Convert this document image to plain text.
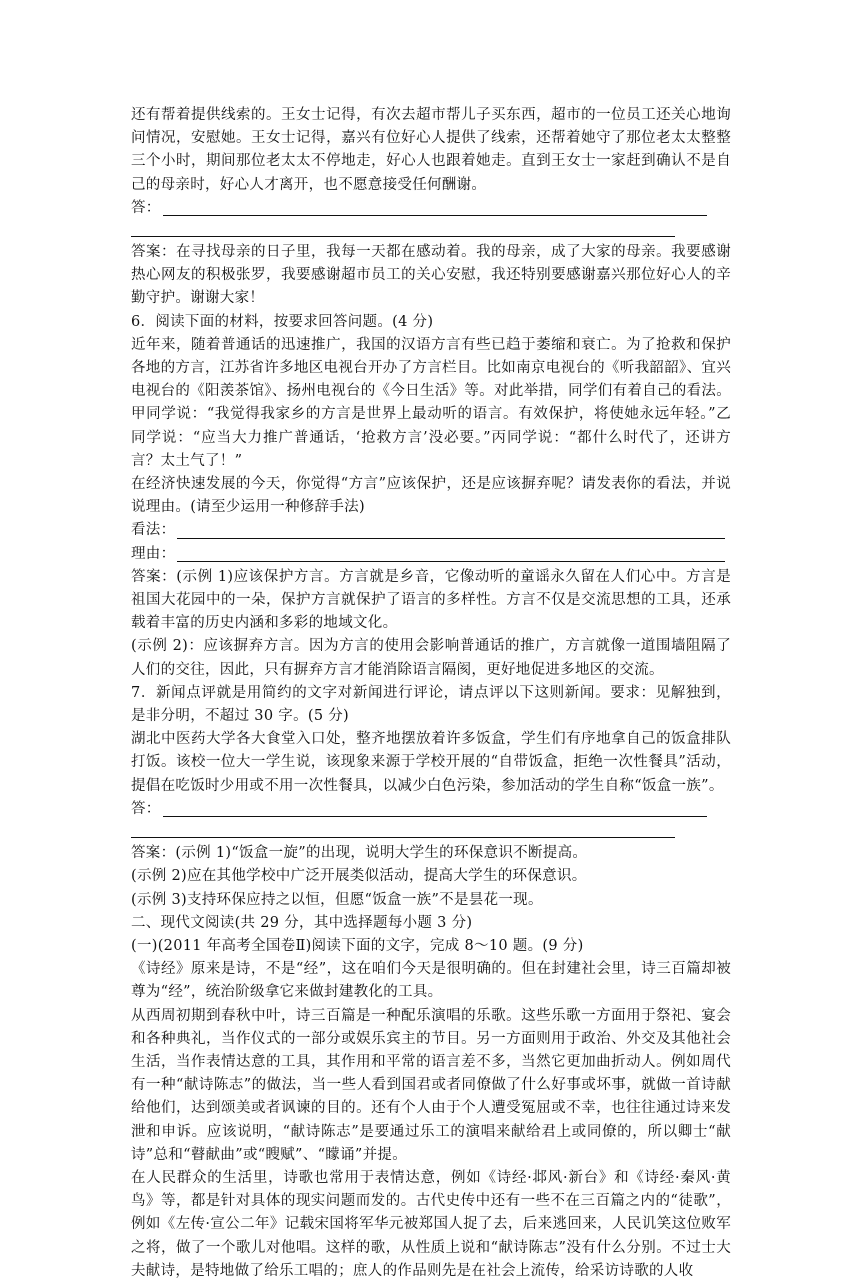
还有帮着提供线索的。王女士记得，有次去超市帮儿子买东西，超市的一位员工还关心地询问情况，安慰她。王女士记得，嘉兴有位好心人提供了线索，还帮着她守了那位老太太整整三个小时，期间那位老太太不停地走，好心人也跟着她走。直到王女士一家赶到确认不是自己的母亲时，好心人才离开，也不愿意接受任何酬谢。

答：

答案：在寻找母亲的日子里，我每一天都在感动着。我的母亲，成了大家的母亲。我要感谢热心网友的积极张罗，我要感谢超市员工的关心安慰，我还特别要感谢嘉兴那位好心人的辛勤守护。谢谢大家！

6．阅读下面的材料，按要求回答问题。(4 分)

近年来，随着普通话的迅速推广，我国的汉语方言有些已趋于萎缩和衰亡。为了抢救和保护各地的方言，江苏省许多地区电视台开办了方言栏目。比如南京电视台的《听我韶韶》、宜兴电视台的《阳羡茶馆》、扬州电视台的《今日生活》等。对此举措，同学们有着自己的看法。甲同学说：“我觉得我家乡的方言是世界上最动听的语言。有效保护，将使她永远年轻。”乙同学说：“应当大力推广普通话，‘抢救方言’没必要。”丙同学说：“都什么时代了，还讲方言？太土气了！”

在经济快速发展的今天，你觉得“方言”应该保护，还是应该摒弃呢？请发表你的看法，并说说理由。(请至少运用一种修辞手法)

看法：
理由：

答案：(示例 1)应该保护方言。方言就是乡音，它像动听的童谣永久留在人们心中。方言是祖国大花园中的一朵，保护方言就保护了语言的多样性。方言不仅是交流思想的工具，还承载着丰富的历史内涵和多彩的地域文化。

(示例 2)：应该摒弃方言。因为方言的使用会影响普通话的推广，方言就像一道围墙阻隔了人们的交往，因此，只有摒弃方言才能消除语言隔阂，更好地促进多地区的交流。

7．新闻点评就是用简约的文字对新闻进行评论，请点评以下这则新闻。要求：见解独到，是非分明，不超过 30 字。(5 分)

湖北中医药大学各大食堂入口处，整齐地摆放着许多饭盒，学生们有序地拿自己的饭盒排队打饭。该校一位大一学生说，该现象来源于学校开展的“自带饭盒，拒绝一次性餐具”活动，提倡在吃饭时少用或不用一次性餐具，以减少白色污染，参加活动的学生自称“饭盒一族”。

答：

答案：(示例 1)“饭盒一旋”的出现，说明大学生的环保意识不断提高。

(示例 2)应在其他学校中广泛开展类似活动，提高大学生的环保意识。

(示例 3)支持环保应持之以恒，但愿“饭盒一族”不是昙花一现。

二、现代文阅读(共 29 分，其中选择题每小题 3 分)

(一)(2011 年高考全国卷Ⅱ)阅读下面的文字，完成 8～10 题。(9 分)

《诗经》原来是诗，不是“经”，这在咱们今天是很明确的。但在封建社会里，诗三百篇却被尊为“经”，统治阶级拿它来做封建教化的工具。

从西周初期到春秋中叶，诗三百篇是一种配乐演唱的乐歌。这些乐歌一方面用于祭祀、宴会和各种典礼，当作仪式的一部分或娱乐宾主的节目。另一方面则用于政治、外交及其他社会生活，当作表情达意的工具，其作用和平常的语言差不多，当然它更加曲折动人。例如周代有一种“献诗陈志”的做法，当一些人看到国君或者同僚做了什么好事或坏事，就做一首诗献给他们，达到颂美或者讽谏的目的。还有个人由于个人遭受冤屈或不幸，也往往通过诗来发泄和申诉。应该说明，“献诗陈志”是要通过乐工的演唱来献给君上或同僚的，所以卿士“献诗”总和“瞽献曲”或“瞍赋”、“矇诵”并提。

在人民群众的生活里，诗歌也常用于表情达意，例如《诗经·邶风·新台》和《诗经·秦风·黄鸟》等，都是针对具体的现实问题而发的。古代史传中还有一些不在三百篇之内的“徒歌”，例如《左传·宣公二年》记载宋国将军华元被郑国人捉了去，后来逃回来，人民讥笑这位败军之将，做了一个歌儿对他唱。这样的歌，从性质上说和“献诗陈志”没有什么分别。不过士大夫献诗，是特地做了给乐工唱的；庶人的作品则先是在社会上流传，给采访诗歌的人收
